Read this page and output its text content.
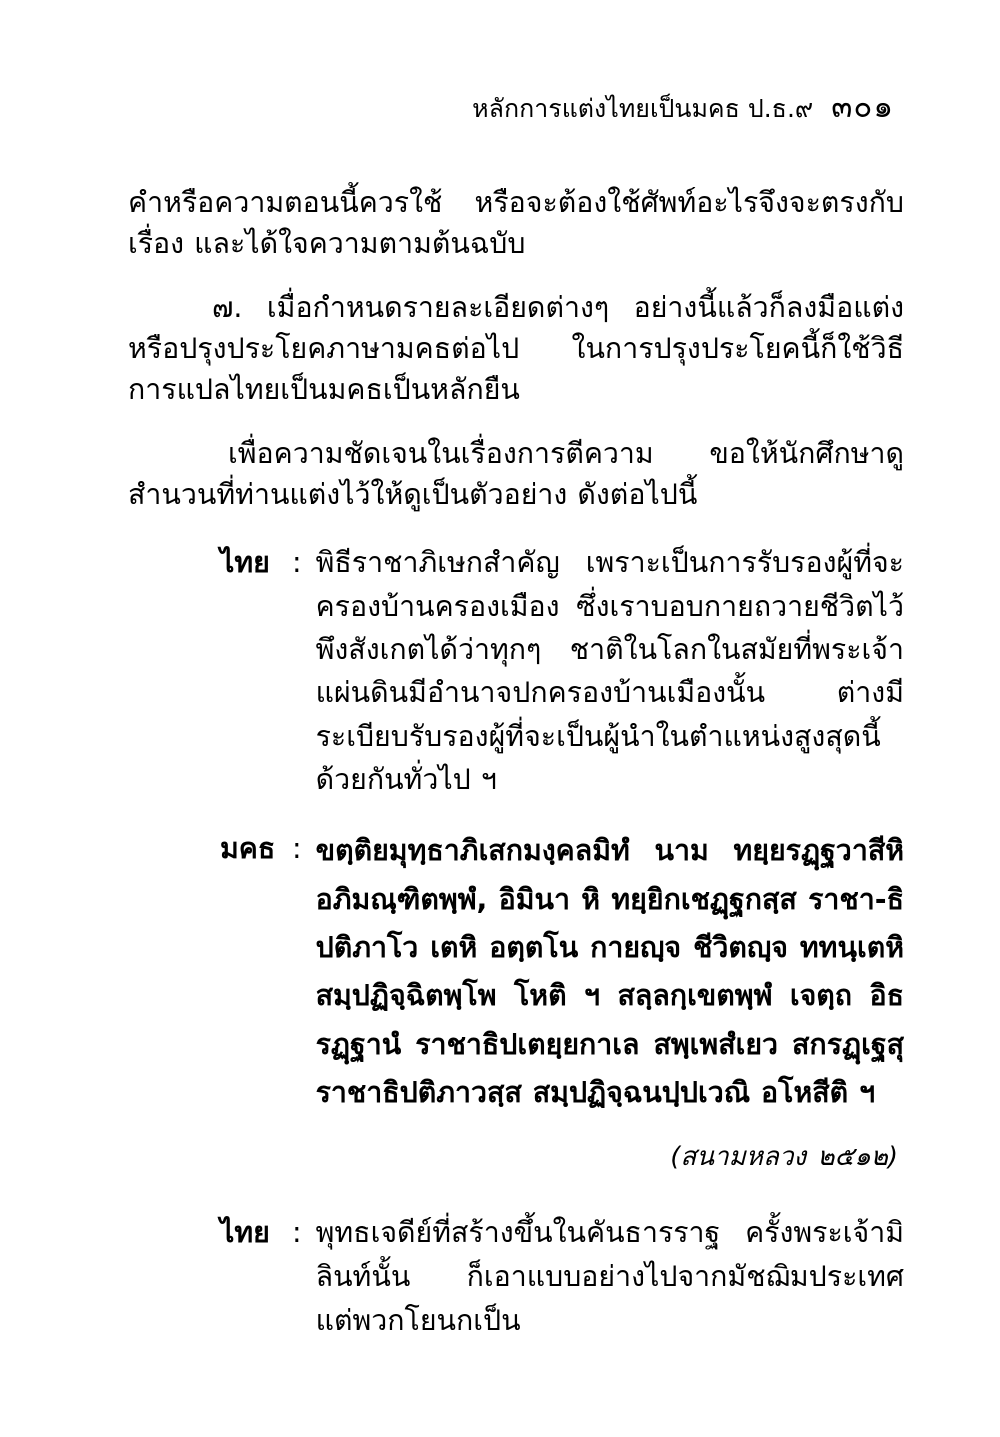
หลักการแต่งไทยเป็นมคธ ป.ธ.๙ ๓๐๑

คำหรือความตอนนี้ควรใช้ หรือจะต้องใช้ศัพท์อะไรจึงจะตรงกับเรื่อง และได้ใจความตามต้นฉบับ

๗. เมื่อกำหนดรายละเอียดต่างๆ อย่างนี้แล้วก็ลงมือแต่ง หรือปรุงประโยคภาษามคธต่อไป ในการปรุงประโยคนี้ก็ใช้วิธีการแปลไทยเป็นมคธเป็นหลักยืน

เพื่อความชัดเจนในเรื่องการตีความ ขอให้นักศึกษาดูสำนวนที่ท่านแต่งไว้ให้ดูเป็นตัวอย่าง ดังต่อไปนี้

ไทย : พิธีราชาภิเษกสำคัญ เพราะเป็นการรับรองผู้ที่จะครองบ้านครองเมือง ซึ่งเราบอบกายถวายชีวิตไว้ พึงสังเกตได้ว่าทุกๆ ชาติในโลกในสมัยที่พระเจ้าแผ่นดินมีอำนาจปกครองบ้านเมืองนั้น ต่างมีระเบียบรับรองผู้ที่จะเป็นผู้นำในตำแหน่งสูงสุดนี้ด้วยกันทั่วไป ฯ
มคธ : ขตฺติยมุทฺธาภิเสกมงฺคลมิทํ นาม ทยฺยรฏฺฐวาสีหิ อภิมณฺฑิตพฺพํ, อิมินา หิ ทยฺยิกเชฏฺฐกสฺส ราชา-ธิปติภาโว เตหิ อตฺตโน กายญฺจ ชีวิตญฺจ ททนฺเตหิ สมฺปฏิจฺฉิตพฺโพ โหติ ฯ สลฺลกฺเขตพฺพํ เจตฺถ อิธ รฏฺฐานํ ราชาธิปเตยฺยกาเล สพฺเพสํเยว สกรฏฺเฐสุ ราชาธิปติภาวสฺส สมฺปฏิจฺฉนปฺปเวณิ อโหสีติ ฯ
(สนามหลวง ๒๕๑๒)
ไทย : พุทธเจดีย์ที่สร้างขึ้นในคันธารราฐ ครั้งพระเจ้ามิลินท์นั้น ก็เอาแบบอย่างไปจากมัชฌิมประเทศ แต่พวกโยนกเป็น
